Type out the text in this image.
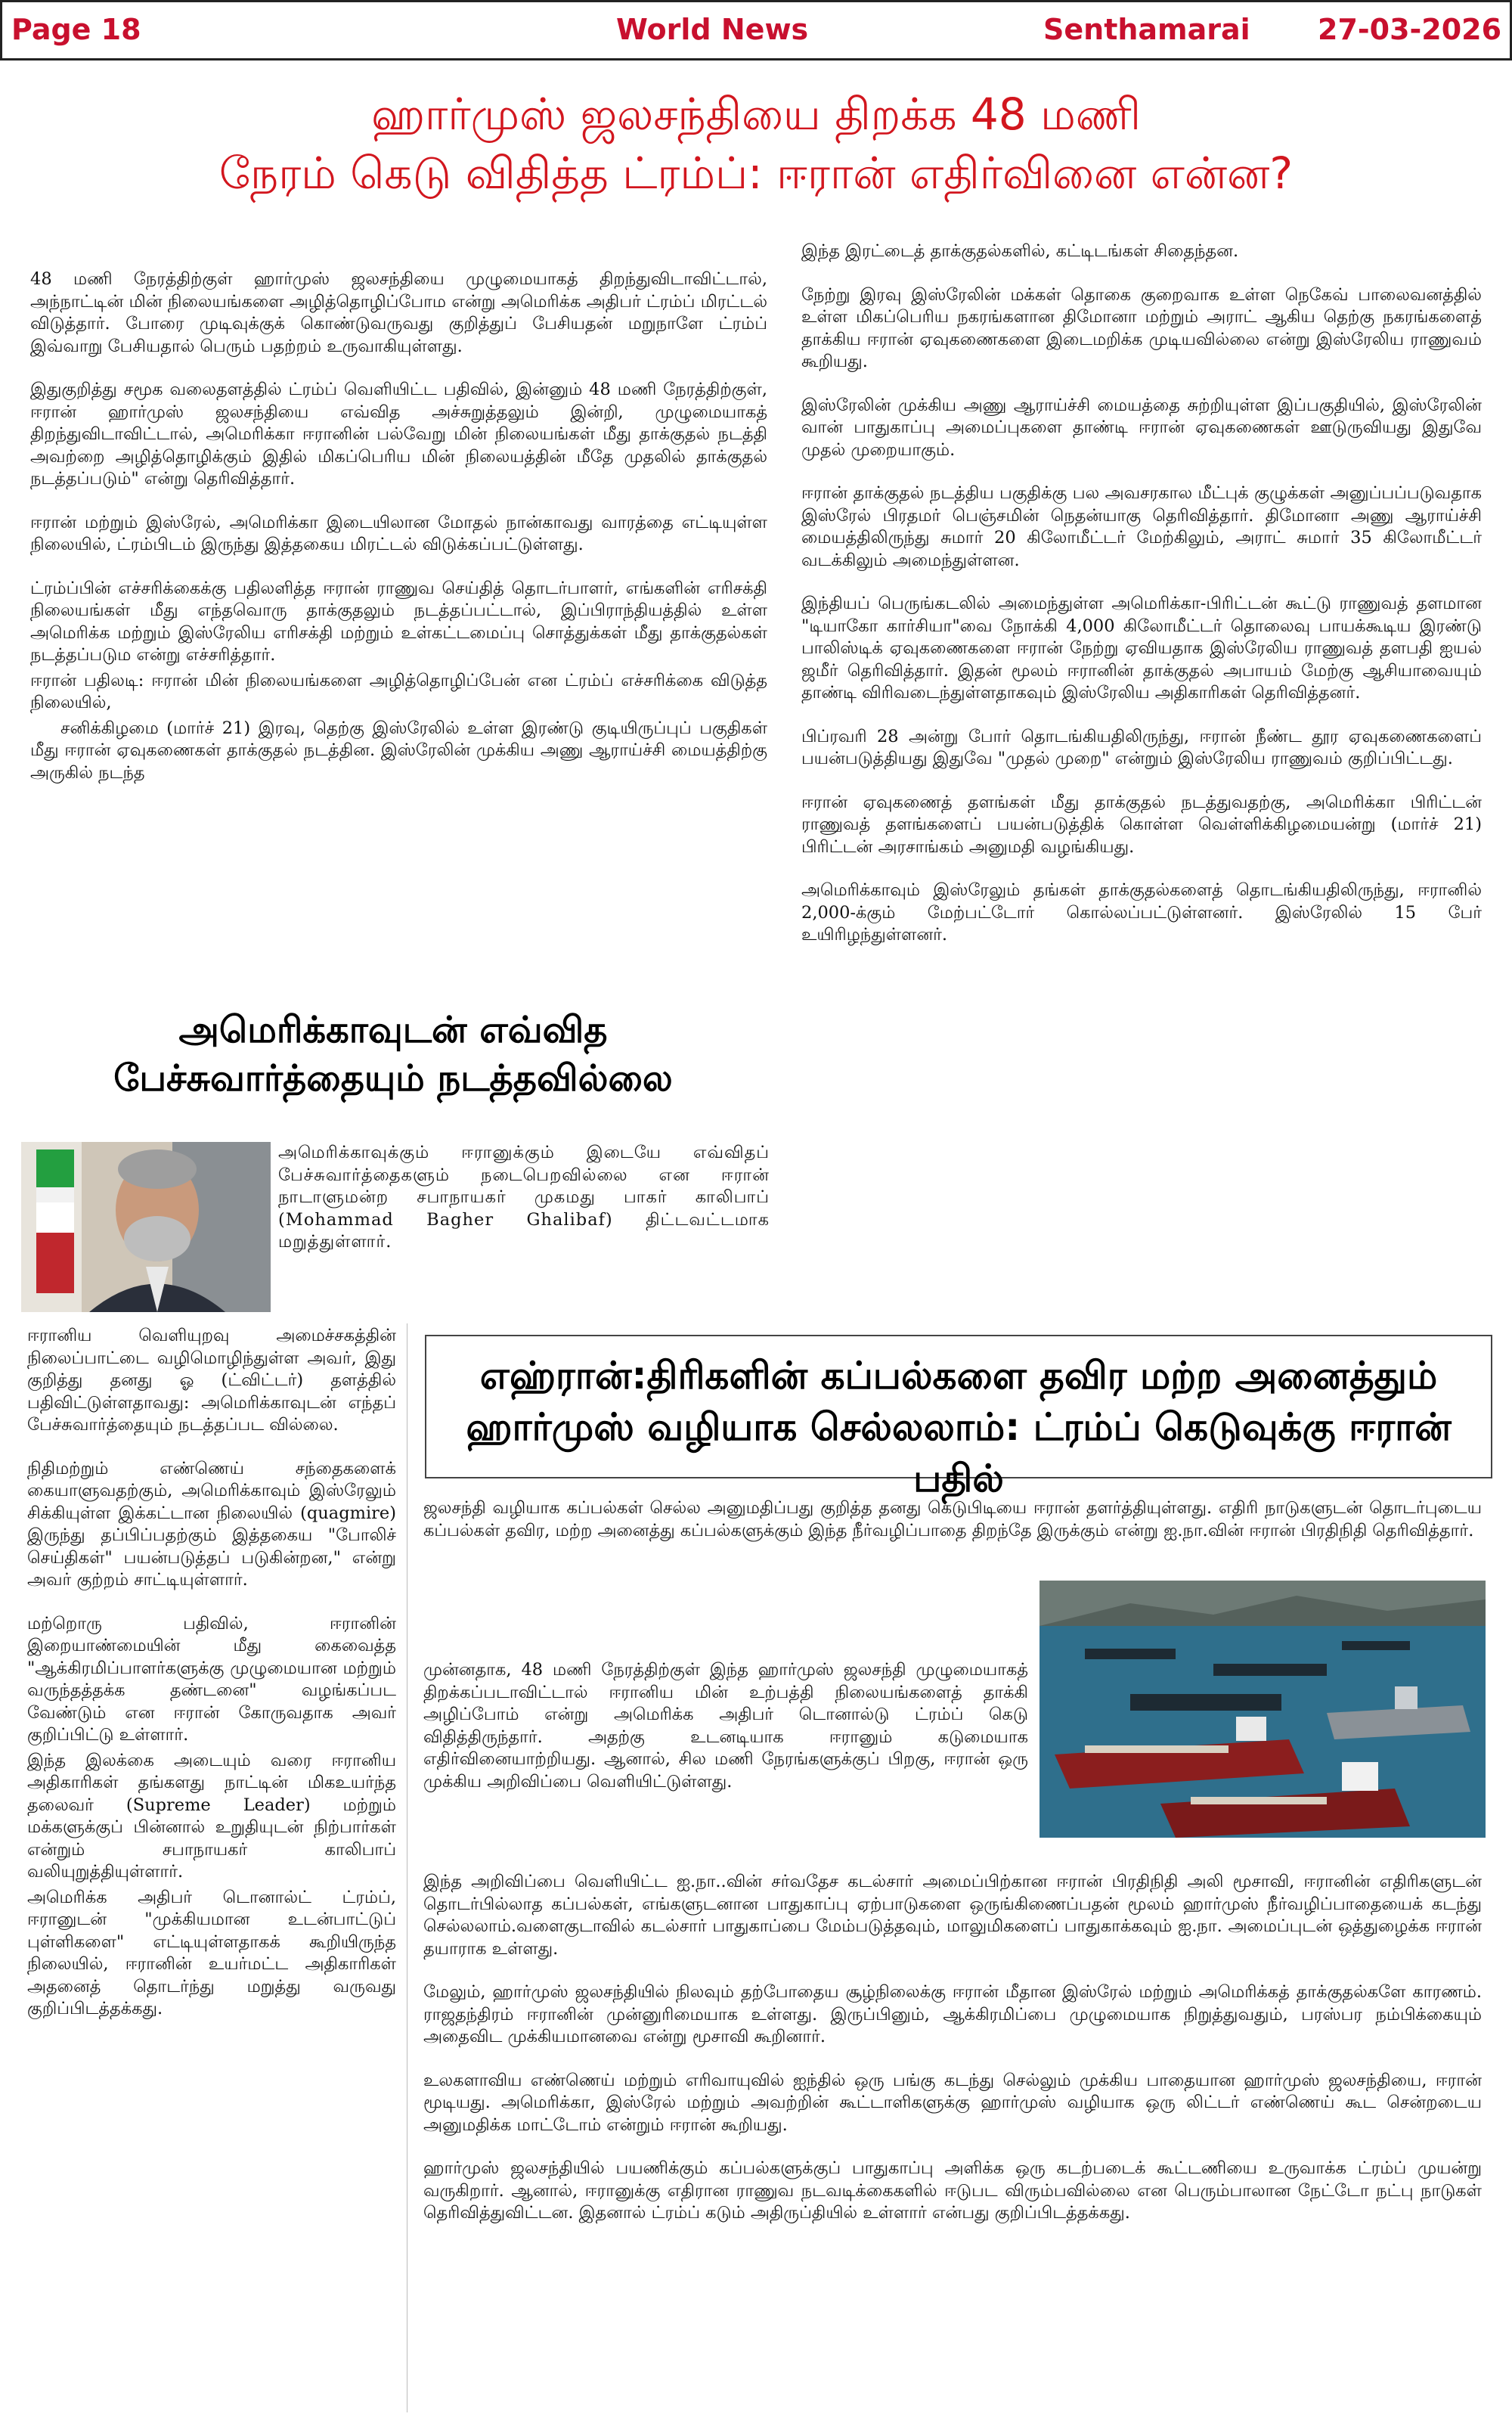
Page 18	World News	Senthamarai 27-03-2026

ஹார்முஸ் ஜலசந்தியை திறக்க 48 மணி

நேரம் கெடு விதித்த ட்ரம்ப்: ஈரான் எதிர்வினை என்ன?

48 மணி நேரத்திற்குள் ஹார்முஸ் ஜலசந்தியை முழுமையாகத் திறந்துவிடாவிட்டால், அந்நாட்டின் மின் நிலையங்களை அழித்தொழிப்போம என்று அமெரிக்க அதிபர் ட்ரம்ப் மிரட்டல் விடுத்தார். போரை முடிவுக்குக் கொண்டுவருவது குறித்துப் பேசியதன் மறுநாளே ட்ரம்ப் இவ்வாறு பேசியதால் பெரும் பதற்றம் உருவாகியுள்ளது.

இதுகுறித்து சமூக வலைதளத்தில் ட்ரம்ப் வெளியிட்ட பதிவில், இன்னும் 48 மணி நேரத்திற்குள், ஈரான் ஹார்முஸ் ஜலசந்தியை எவ்வித அச்சுறுத்தலும் இன்றி, முழுமையாகத் திறந்துவிடாவிட்டால், அமெரிக்கா ஈரானின் பல்வேறு மின் நிலையங்கள் மீது தாக்குதல் நடத்தி அவற்றை அழித்தொழிக்கும் இதில் மிகப்பெரிய மின் நிலையத்தின் மீதே முதலில் தாக்குதல் நடத்தப்படும்" என்று தெரிவித்தார்.

ஈரான் மற்றும் இஸ்ரேல், அமெரிக்கா இடையிலான மோதல் நான்காவது வாரத்தை எட்டியுள்ள நிலையில், ட்ரம்பிடம் இருந்து இத்தகைய மிரட்டல் விடுக்கப்பட்டுள்ளது.

ட்ரம்ப்பின் எச்சரிக்கைக்கு பதிலளித்த ஈரான் ராணுவ செய்தித் தொடர்பாளர், எங்களின் எரிசக்தி நிலையங்கள் மீது எந்தவொரு தாக்குதலும் நடத்தப்பட்டால், இப்பிராந்தியத்தில் உள்ள அமெரிக்க மற்றும் இஸ்ரேலிய எரிசக்தி மற்றும் உள்கட்டமைப்பு சொத்துக்கள் மீது தாக்குதல்கள் நடத்தப்படும என்று எச்சரித்தார்.

ஈரான் பதிலடி: ஈரான் மின் நிலையங்களை அழித்தொழிப்பேன் என ட்ரம்ப் எச்சரிக்கை விடுத்த நிலையில்,

சனிக்கிழமை (மார்ச் 21) இரவு, தெற்கு இஸ்ரேலில் உள்ள இரண்டு குடியிருப்புப் பகுதிகள் மீது ஈரான் ஏவுகணைகள் தாக்குதல் நடத்தின. இஸ்ரேலின் முக்கிய அணு ஆராய்ச்சி மையத்திற்கு அருகில் நடந்த

இந்த இரட்டைத் தாக்குதல்களில், கட்டிடங்கள் சிதைந்தன.

நேற்று இரவு இஸ்ரேலின் மக்கள் தொகை குறைவாக உள்ள நெகேவ் பாலைவனத்தில் உள்ள மிகப்பெரிய நகரங்களான திமோனா மற்றும் அராட் ஆகிய தெற்கு நகரங்களைத் தாக்கிய ஈரான் ஏவுகணைகளை இடைமறிக்க முடியவில்லை என்று இஸ்ரேலிய ராணுவம் கூறியது.

இஸ்ரேலின் முக்கிய அணு ஆராய்ச்சி மையத்தை சுற்றியுள்ள இப்பகுதியில், இஸ்ரேலின் வான் பாதுகாப்பு அமைப்புகளை தாண்டி ஈரான் ஏவுகணைகள் ஊடுருவியது இதுவே முதல் முறையாகும்.

ஈரான் தாக்குதல் நடத்திய பகுதிக்கு பல அவசரகால மீட்புக் குழுக்கள் அனுப்பப்படுவதாக இஸ்ரேல் பிரதமர் பெஞ்சமின் நெதன்யாகு தெரிவித்தார். திமோனா அணு ஆராய்ச்சி மையத்திலிருந்து சுமார் 20 கிலோமீட்டர் மேற்கிலும், அராட் சுமார் 35 கிலோமீட்டர் வடக்கிலும் அமைந்துள்ளன.

இந்தியப் பெருங்கடலில் அமைந்துள்ள அமெரிக்கா-பிரிட்டன் கூட்டு ராணுவத் தளமான "டியாகோ கார்சியா"வை நோக்கி 4,000 கிலோமீட்டர் தொலைவு பாயக்கூடிய இரண்டு பாலிஸ்டிக் ஏவுகணைகளை ஈரான் நேற்று ஏவியதாக இஸ்ரேலிய ராணுவத் தளபதி ஐயல் ஜமீர் தெரிவித்தார். இதன் மூலம் ஈரானின் தாக்குதல் அபாயம் மேற்கு ஆசியாவையும் தாண்டி விரிவடைந்துள்ளதாகவும் இஸ்ரேலிய அதிகாரிகள் தெரிவித்தனர்.

பிப்ரவரி 28 அன்று போர் தொடங்கியதிலிருந்து, ஈரான் நீண்ட தூர ஏவுகணைகளைப் பயன்படுத்தியது இதுவே "முதல் முறை" என்றும் இஸ்ரேலிய ராணுவம் குறிப்பிட்டது.

ஈரான் ஏவுகணைத் தளங்கள் மீது தாக்குதல் நடத்துவதற்கு, அமெரிக்கா பிரிட்டன் ராணுவத் தளங்களைப் பயன்படுத்திக் கொள்ள வெள்ளிக்கிழமையன்று (மார்ச் 21) பிரிட்டன் அரசாங்கம் அனுமதி வழங்கியது.

அமெரிக்காவும் இஸ்ரேலும் தங்கள் தாக்குதல்களைத் தொடங்கியதிலிருந்து, ஈரானில் 2,000-க்கும் மேற்பட்டோர் கொல்லப்பட்டுள்ளனர். இஸ்ரேலில் 15 பேர் உயிரிழந்துள்ளனர்.

அமெரிக்காவுடன் எவ்வித

பேச்சுவார்த்தையும் நடத்தவில்லை

அமெரிக்காவுக்கும் ஈரானுக்கும் இடையே எவ்விதப் பேச்சுவார்த்தைகளும் நடைபெறவில்லை என ஈரான் நாடாளுமன்ற சபாநாயகர் முகமது பாகர் காலிபாப் (Mohammad Bagher Ghalibaf) திட்டவட்டமாக மறுத்துள்ளார்.

ஈரானிய வெளியுறவு அமைச்சகத்தின் நிலைப்பாட்டை வழிமொழிந்துள்ள அவர், இது குறித்து தனது ஓ (ட்விட்டர்) தளத்தில் பதிவிட்டுள்ளதாவது: அமெரிக்காவுடன் எந்தப் பேச்சுவார்த்தையும் நடத்தப்பட வில்லை.

நிதிமற்றும் எண்ணெய் சந்தைகளைக் கையாளுவதற்கும், அமெரிக்காவும் இஸ்ரேலும் சிக்கியுள்ள இக்கட்டான நிலையில் (quagmire) இருந்து தப்பிப்பதற்கும் இத்தகைய "போலிச் செய்திகள்" பயன்படுத்தப் படுகின்றன," என்று அவர் குற்றம் சாட்டியுள்ளார்.

மற்றொரு பதிவில், ஈரானின் இறையாண்மையின் மீது கைவைத்த "ஆக்கிரமிப்பாளர்களுக்கு முழுமையான மற்றும் வருந்தத்தக்க தண்டனை" வழங்கப்பட வேண்டும் என ஈரான் கோருவதாக அவர் குறிப்பிட்டு உள்ளார்.

இந்த இலக்கை அடையும் வரை ஈரானிய அதிகாரிகள் தங்களது நாட்டின் மிகஉயர்ந்த தலைவர் (Supreme Leader) மற்றும் மக்களுக்குப் பின்னால் உறுதியுடன் நிற்பார்கள் என்றும் சபாநாயகர் காலிபாப் வலியுறுத்தியுள்ளார்.

அமெரிக்க அதிபர் டொனால்ட் ட்ரம்ப், ஈரானுடன் "முக்கியமான உடன்பாட்டுப் புள்ளிகளை" எட்டியுள்ளதாகக் கூறியிருந்த நிலையில், ஈரானின் உயர்மட்ட அதிகாரிகள் அதனைத் தொடர்ந்து மறுத்து வருவது குறிப்பிடத்தக்கது.

எஹ்ரான்:திரிகளின் கப்பல்களை தவிர மற்ற அனைத்தும்

ஹார்முஸ் வழியாக செல்லலாம்: ட்ரம்ப் கெடுவுக்கு ஈரான் பதில்

ஜலசந்தி வழியாக கப்பல்கள் செல்ல அனுமதிப்பது குறித்த தனது கெடுபிடியை ஈரான் தளர்த்தியுள்ளது. எதிரி நாடுகளுடன் தொடர்புடைய கப்பல்கள் தவிர, மற்ற அனைத்து கப்பல்களுக்கும் இந்த நீர்வழிப்பாதை திறந்தே இருக்கும் என்று ஐ.நா.வின் ஈரான் பிரதிநிதி தெரிவித்தார்.

முன்னதாக, 48 மணி நேரத்திற்குள் இந்த ஹார்முஸ் ஜலசந்தி முழுமையாகத் திறக்கப்படாவிட்டால் ஈரானிய மின் உற்பத்தி நிலையங்களைத் தாக்கி அழிப்போம் என்று அமெரிக்க அதிபர் டொனால்டு ட்ரம்ப் கெடு விதித்திருந்தார். அதற்கு உடனடியாக ஈரானும் கடுமையாக எதிர்வினையாற்றியது. ஆனால், சில மணி நேரங்களுக்குப் பிறகு, ஈரான் ஒரு முக்கிய அறிவிப்பை வெளியிட்டுள்ளது.

இந்த அறிவிப்பை வெளியிட்ட ஐ.நா..வின் சர்வதேச கடல்சார் அமைப்பிற்கான ஈரான் பிரதிநிதி அலி மூசாவி, ஈரானின் எதிரிகளுடன் தொடர்பில்லாத கப்பல்கள், எங்களுடனான பாதுகாப்பு ஏற்பாடுகளை ஒருங்கிணைப்பதன் மூலம் ஹார்முஸ் நீர்வழிப்பாதையைக் கடந்து செல்லலாம்.வளைகுடாவில் கடல்சார் பாதுகாப்பை மேம்படுத்தவும், மாலுமிகளைப் பாதுகாக்கவும் ஐ.நா. அமைப்புடன் ஒத்துழைக்க ஈரான் தயாராக உள்ளது.

மேலும், ஹார்முஸ் ஜலசந்தியில் நிலவும் தற்போதைய சூழ்நிலைக்கு ஈரான் மீதான இஸ்ரேல் மற்றும் அமெரிக்கத் தாக்குதல்களே காரணம். ராஜதந்திரம் ஈரானின் முன்னுரிமையாக உள்ளது. இருப்பினும், ஆக்கிரமிப்பை முழுமையாக நிறுத்துவதும், பரஸ்பர நம்பிக்கையும் அதைவிட முக்கியமானவை என்று மூசாவி கூறினார்.

உலகளாவிய எண்ணெய் மற்றும் எரிவாயுவில் ஐந்தில் ஒரு பங்கு கடந்து செல்லும் முக்கிய பாதையான ஹார்முஸ் ஜலசந்தியை, ஈரான் மூடியது. அமெரிக்கா, இஸ்ரேல் மற்றும் அவற்றின் கூட்டாளிகளுக்கு ஹார்முஸ் வழியாக ஒரு லிட்டர் எண்ணெய் கூட சென்றடைய அனுமதிக்க மாட்டோம் என்றும் ஈரான் கூறியது.

ஹார்முஸ் ஜலசந்தியில் பயணிக்கும் கப்பல்களுக்குப் பாதுகாப்பு அளிக்க ஒரு கடற்படைக் கூட்டணியை உருவாக்க ட்ரம்ப் முயன்று வருகிறார். ஆனால், ஈரானுக்கு எதிரான ராணுவ நடவடிக்கைகளில் ஈடுபட விரும்பவில்லை என பெரும்பாலான நேட்டோ நட்பு நாடுகள் தெரிவித்துவிட்டன. இதனால் ட்ரம்ப் கடும் அதிருப்தியில் உள்ளார் என்பது குறிப்பிடத்தக்கது.
